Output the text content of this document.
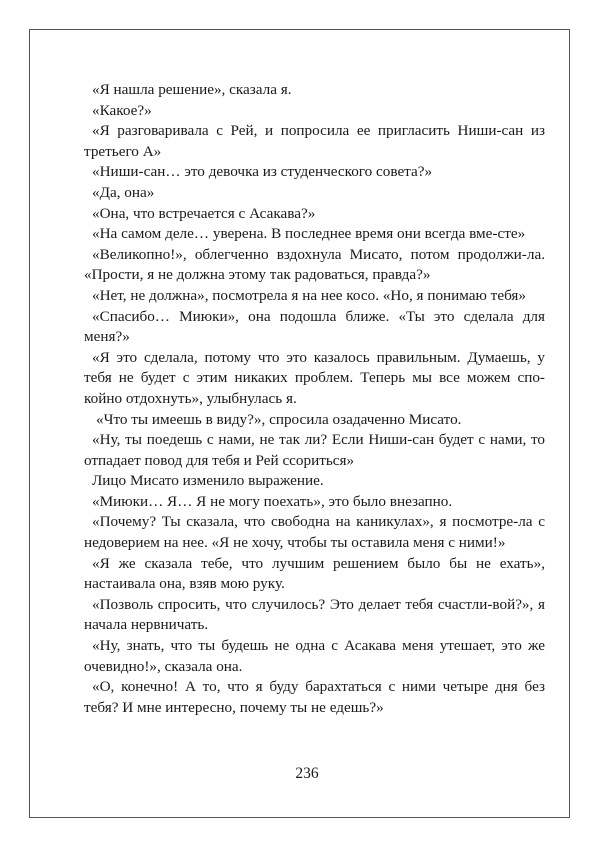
«Я нашла решение», сказала я.

«Какое?»

«Я разговаривала с Рей, и попросила ее пригласить Ниши-сан из третьего А»

«Ниши-сан… это девочка из студенческого совета?»

«Да, она»

«Она, что встречается с Асакава?»

«На самом деле… уверена. В последнее время они всегда вме-сте»

«Великопно!», облегченно вздохнула Мисато, потом продолжи-ла. «Прости, я не должна этому так радоваться, правда?»

«Нет, не должна», посмотрела я на нее косо. «Но, я понимаю тебя»

«Спасибо… Миюки», она подошла ближе. «Ты это сделала для меня?»

«Я это сделала, потому что это казалось правильным. Думаешь, у тебя не будет с этим никаких проблем. Теперь мы все можем спо-койно отдохнуть», улыбнулась я.

«Что ты имеешь в виду?», спросила озадаченно Мисато.

«Ну, ты поедешь с нами, не так ли? Если Ниши-сан будет с нами, то отпадает повод для тебя и Рей ссориться»

Лицо Мисато изменило выражение.

«Миюки… Я… Я не могу поехать», это было внезапно.

«Почему? Ты сказала, что свободна на каникулах», я посмотре-ла с недоверием на нее. «Я не хочу, чтобы ты оставила меня с ними!»

«Я же сказала тебе, что лучшим решением было бы не ехать», настаивала она, взяв мою руку.

«Позволь спросить, что случилось? Это делает тебя счастли-вой?», я начала нервничать.

«Ну, знать, что ты будешь не одна с Асакава меня утешает, это же очевидно!», сказала она.

«О, конечно! А то, что я буду барахтаться с ними четыре дня без тебя? И мне интересно, почему ты не едешь?»

236
